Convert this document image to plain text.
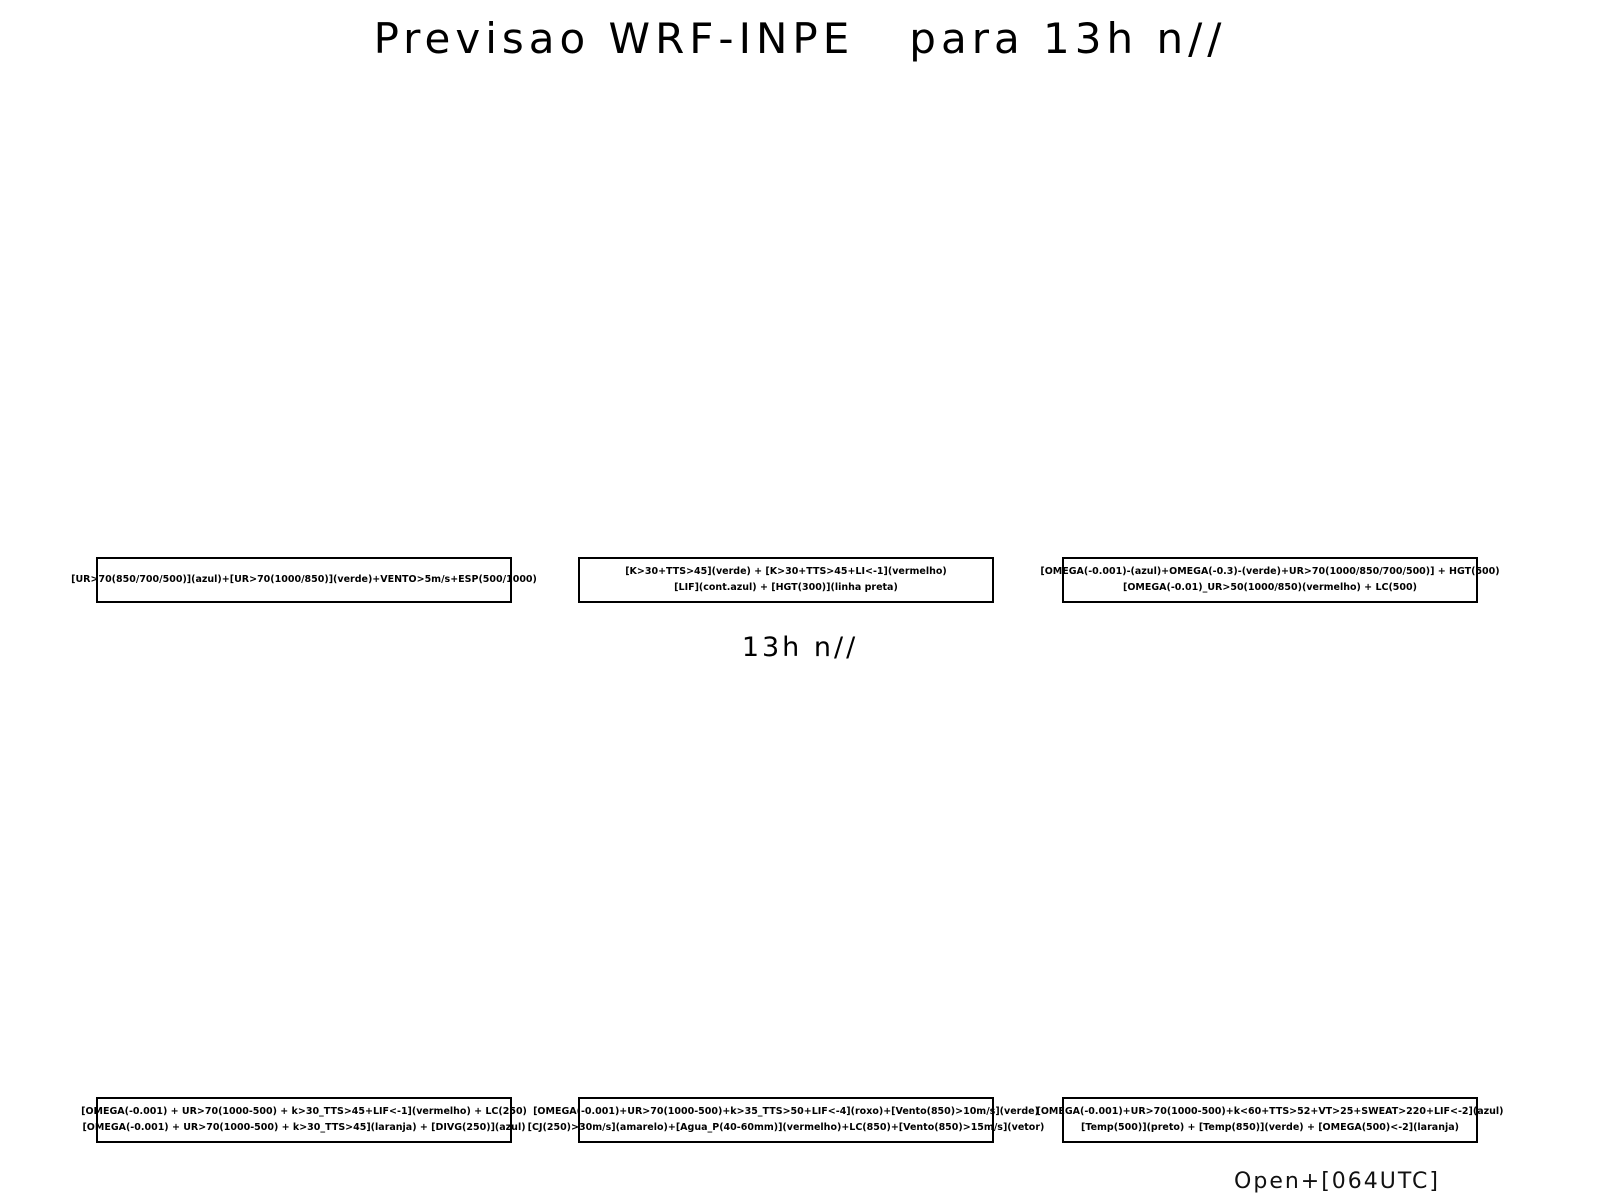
Previsao WRF-INPE   para 13h n//
[UR>70(850/700/500)](azul)+[UR>70(1000/850)](verde)+VENTO>5m/s+ESP(500/1000)
[K>30+TTS>45](verde) + [K>30+TTS>45+LI<-1](vermelho)
[LIF](cont.azul) + [HGT(300)](linha preta)
[OMEGA(-0.001)-(azul)+OMEGA(-0.3)-(verde)+UR>70(1000/850/700/500)] + HGT(500)
[OMEGA(-0.01)_UR>50(1000/850)(vermelho) + LC(500)
13h n//
[OMEGA(-0.001) + UR>70(1000-500) + k>30_TTS>45+LIF<-1](vermelho) + LC(250)
[OMEGA(-0.001) + UR>70(1000-500) + k>30_TTS>45](laranja) + [DIVG(250)](azul)
[OMEGA(-0.001)+UR>70(1000-500)+k>35_TTS>50+LIF<-4](roxo)+[Vento(850)>10m/s](verde)
[CJ(250)>30m/s](amarelo)+[Agua_P(40-60mm)](vermelho)+LC(850)+[Vento(850)>15m/s](vetor)
[OMEGA(-0.001)+UR>70(1000-500)+k<60+TTS>52+VT>25+SWEAT>220+LIF<-2](azul)
[Temp(500)](preto) + [Temp(850)](verde) + [OMEGA(500)<-2](laranja)
Open+[064UTC]
